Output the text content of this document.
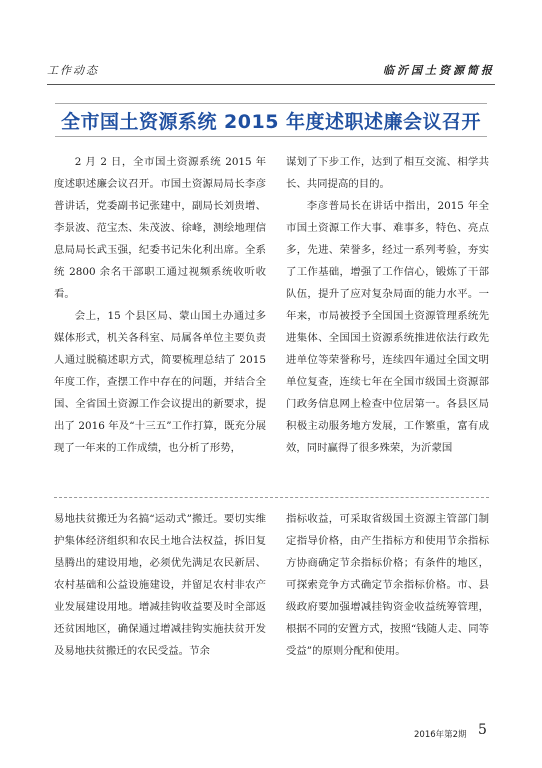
工作动态	临沂国土资源简报
全市国土资源系统 2015 年度述职述廉会议召开

2 月 2 日，全市国土资源系统 2015 年度述职述廉会议召开。市国土资源局局长李彦普讲话，党委副书记张建中，副局长刘贵增、李景波、范宝杰、朱茂波、徐峰，测绘地理信息局局长武玉强，纪委书记朱化利出席。全系统 2800 余名干部职工通过视频系统收听收看。

会上，15 个县区局、蒙山国土办通过多媒体形式，机关各科室、局属各单位主要负责人通过脱稿述职方式，简要梳理总结了 2015 年度工作，查摆工作中存在的问题，并结合全国、全省国土资源工作会议提出的新要求，提出了 2016 年及“十三五”工作打算，既充分展现了一年来的工作成绩，也分析了形势，

谋划了下步工作，达到了相互交流、相学共长、共同提高的目的。

李彦普局长在讲话中指出，2015 年全市国土资源工作大事、难事多，特色、亮点多，先进、荣誉多，经过一系列考验，夯实了工作基础，增强了工作信心，锻炼了干部队伍，提升了应对复杂局面的能力水平。一年来，市局被授予全国国土资源管理系统先进集体、全国国土资源系统推进依法行政先进单位等荣誉称号，连续四年通过全国文明单位复查，连续七年在全国市级国土资源部门政务信息网上检查中位居第一。各县区局积极主动服务地方发展，工作繁重，富有成效，同时赢得了很多殊荣，为沂蒙国

易地扶贫搬迁为名搞“运动式”搬迁。要切实维护集体经济组织和农民土地合法权益，拆旧复垦腾出的建设用地，必须优先满足农民新居、农村基础和公益设施建设，并留足农村非农产业发展建设用地。增减挂钩收益要及时全部返还贫困地区，确保通过增减挂钩实施扶贫开发及易地扶贫搬迁的农民受益。节余

指标收益，可采取省级国土资源主管部门制定指导价格，由产生指标方和使用节余指标方协商确定节余指标价格；有条件的地区，可探索竞争方式确定节余指标价格。市、县级政府要加强增减挂钩资金收益统筹管理，根据不同的安置方式，按照“钱随人走、同等受益”的原则分配和使用。

2016年第2期 5
